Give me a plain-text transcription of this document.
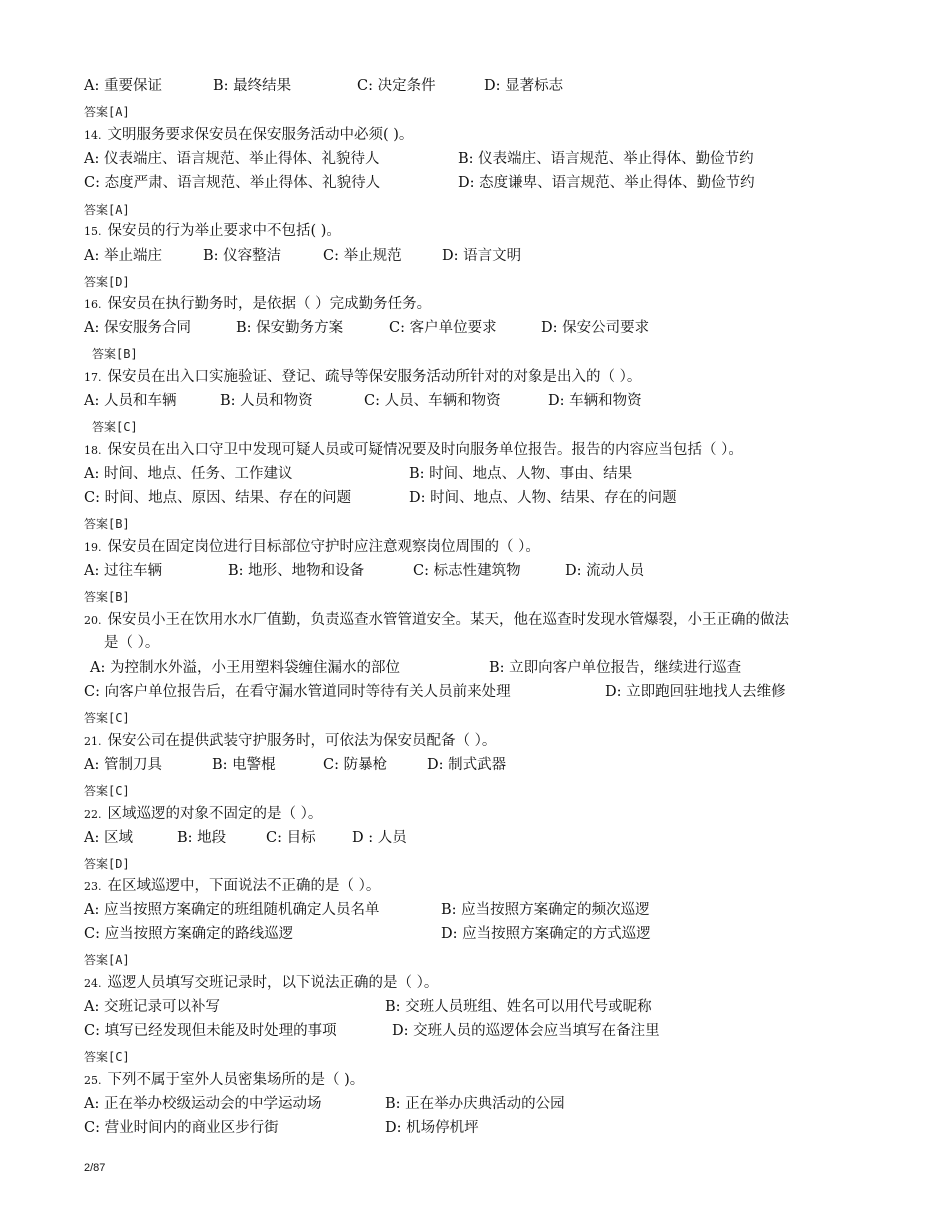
A: 重要保证	B: 最终结果	C: 决定条件	D: 显著标志
答案[A]
14. 文明服务要求保安员在保安服务活动中必须( )。
A: 仪表端庄、语言规范、举止得体、礼貌待人	B: 仪表端庄、语言规范、举止得体、勤俭节约
C: 态度严肃、语言规范、举止得体、礼貌待人	D: 态度谦卑、语言规范、举止得体、勤俭节约
答案[A]
15. 保安员的行为举止要求中不包括( )。
A: 举止端庄	B: 仪容整洁	C: 举止规范	D: 语言文明
答案[D]
16. 保安员在执行勤务时，是依据（ ）完成勤务任务。
A: 保安服务合同	B: 保安勤务方案	C: 客户单位要求	D: 保安公司要求
答案[B]
17. 保安员在出入口实施验证、登记、疏导等保安服务活动所针对的对象是出入的（ ）。
A: 人员和车辆	B: 人员和物资	C: 人员、车辆和物资	D: 车辆和物资
答案[C]
18. 保安员在出入口守卫中发现可疑人员或可疑情况要及时向服务单位报告。报告的内容应当包括（ ）。
A: 时间、地点、任务、工作建议	B: 时间、地点、人物、事由、结果
C: 时间、地点、原因、结果、存在的问题	D: 时间、地点、人物、结果、存在的问题
答案[B]
19. 保安员在固定岗位进行目标部位守护时应注意观察岗位周围的（ ）。
A: 过往车辆	B: 地形、地物和设备	C: 标志性建筑物	D: 流动人员
答案[B]
20. 保安员小王在饮用水水厂值勤，负责巡查水管管道安全。某天，他在巡查时发现水管爆裂，小王正确的做法
是（ ）。
A: 为控制水外溢，小王用塑料袋缠住漏水的部位	B: 立即向客户单位报告，继续进行巡查
C: 向客户单位报告后，在看守漏水管道同时等待有关人员前来处理	D: 立即跑回驻地找人去维修
答案[C]
21. 保安公司在提供武装守护服务时，可依法为保安员配备（ ）。
A: 管制刀具	B: 电警棍	C: 防暴枪	D: 制式武器
答案[C]
22. 区域巡逻的对象不固定的是（ ）。
A: 区域	B: 地段	C: 目标	D : 人员
答案[D]
23. 在区域巡逻中，下面说法不正确的是（ ）。
A: 应当按照方案确定的班组随机确定人员名单	B: 应当按照方案确定的频次巡逻
C: 应当按照方案确定的路线巡逻	D: 应当按照方案确定的方式巡逻
答案[A]
24. 巡逻人员填写交班记录时，以下说法正确的是（ ）。
A: 交班记录可以补写	B: 交班人员班组、姓名可以用代号或昵称
C: 填写已经发现但未能及时处理的事项	D: 交班人员的巡逻体会应当填写在备注里
答案[C]
25. 下列不属于室外人员密集场所的是（ )。
A: 正在举办校级运动会的中学运动场	B: 正在举办庆典活动的公园
C: 营业时间内的商业区步行街	D: 机场停机坪
2/87
